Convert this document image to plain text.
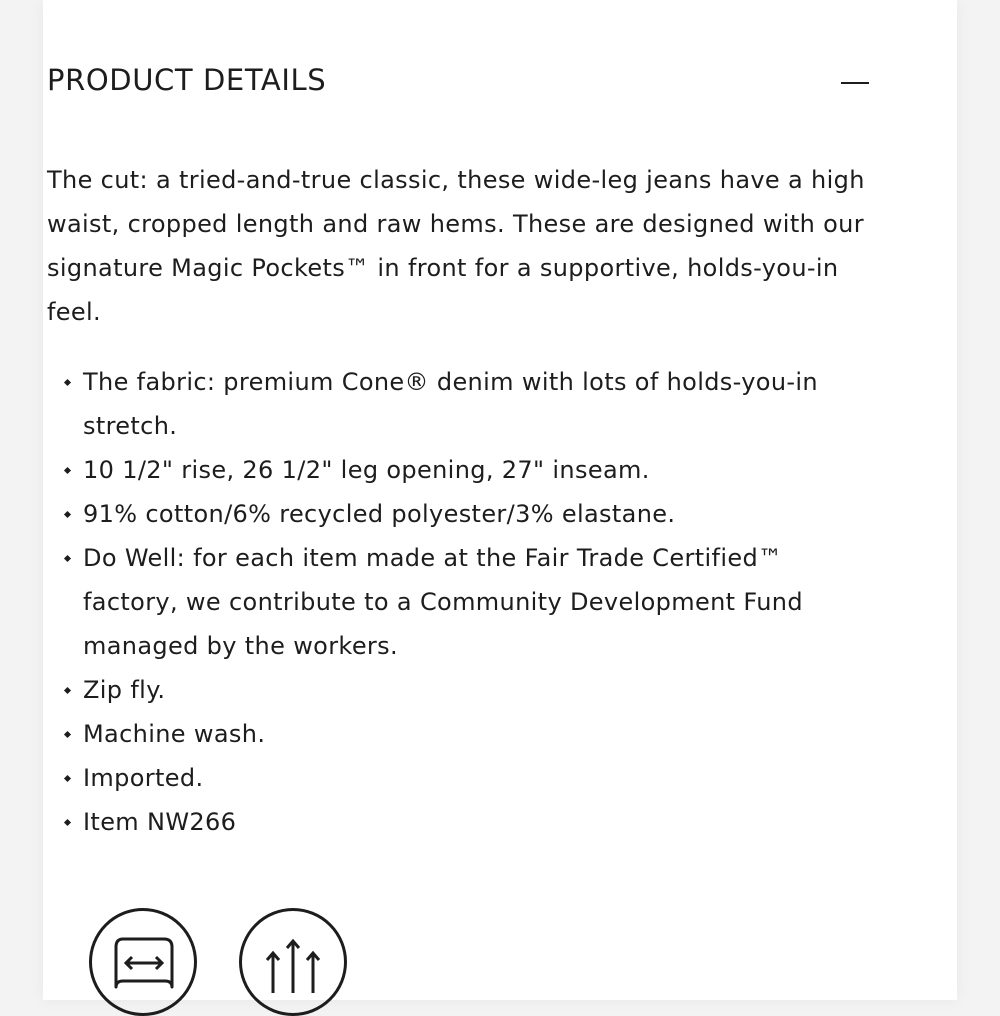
PRODUCT DETAILS

The cut: a tried-and-true classic, these wide-leg jeans have a high waist, cropped length and raw hems. These are designed with our signature Magic Pockets™ in front for a supportive, holds-you-in feel.

The fabric: premium Cone® denim with lots of holds-you-in stretch.
10 1/2" rise, 26 1/2" leg opening, 27" inseam.
91% cotton/6% recycled polyester/3% elastane.
Do Well: for each item made at the Fair Trade Certified™ factory, we contribute to a Community Development Fund managed by the workers.
Zip fly.
Machine wash.
Imported.
Item NW266
